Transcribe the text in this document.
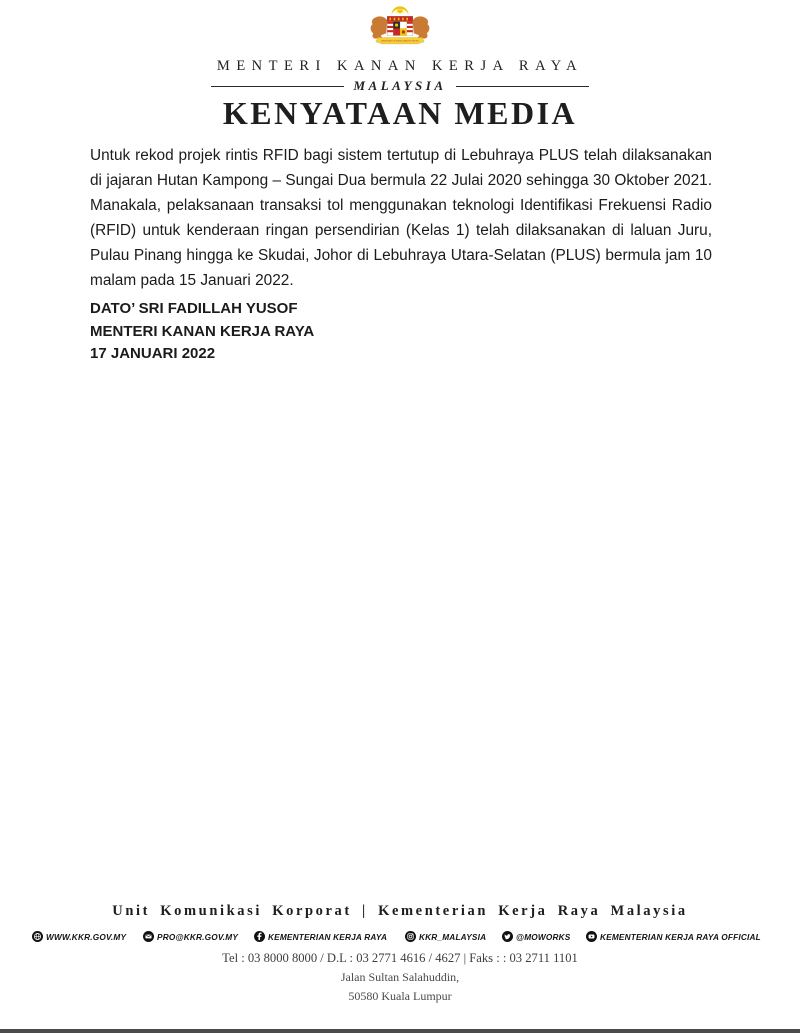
BERSEKUTU BERTAMBAH MUTU
MENTERI KANAN KERJA RAYA
MALAYSIA
KENYATAAN MEDIA

Untuk rekod projek rintis RFID bagi sistem tertutup di Lebuhraya PLUS telah dilaksanakan di jajaran Hutan Kampong – Sungai Dua bermula 22 Julai 2020 sehingga 30 Oktober 2021. Manakala, pelaksanaan transaksi tol menggunakan teknologi Identifikasi Frekuensi Radio (RFID) untuk kenderaan ringan persendirian (Kelas 1) telah dilaksanakan di laluan Juru, Pulau Pinang hingga ke Skudai, Johor di Lebuhraya Utara-Selatan (PLUS) bermula jam 10 malam pada 15 Januari 2022.

DATO’ SRI FADILLAH YUSOF
MENTERI KANAN KERJA RAYA
17 JANUARI 2022
Unit Komunikasi Korporat | Kementerian Kerja Raya Malaysia
WWW.KKR.GOV.MY	PRO@KKR.GOV.MY	KEMENTERIAN KERJA RAYA	KKR_MALAYSIA	@MOWORKS	KEMENTERIAN KERJA RAYA OFFICIAL
Tel : 03 8000 8000 / D.L : 03 2771 4616 / 4627 | Faks : : 03 2711 1101
Jalan Sultan Salahuddin,
50580 Kuala Lumpur
